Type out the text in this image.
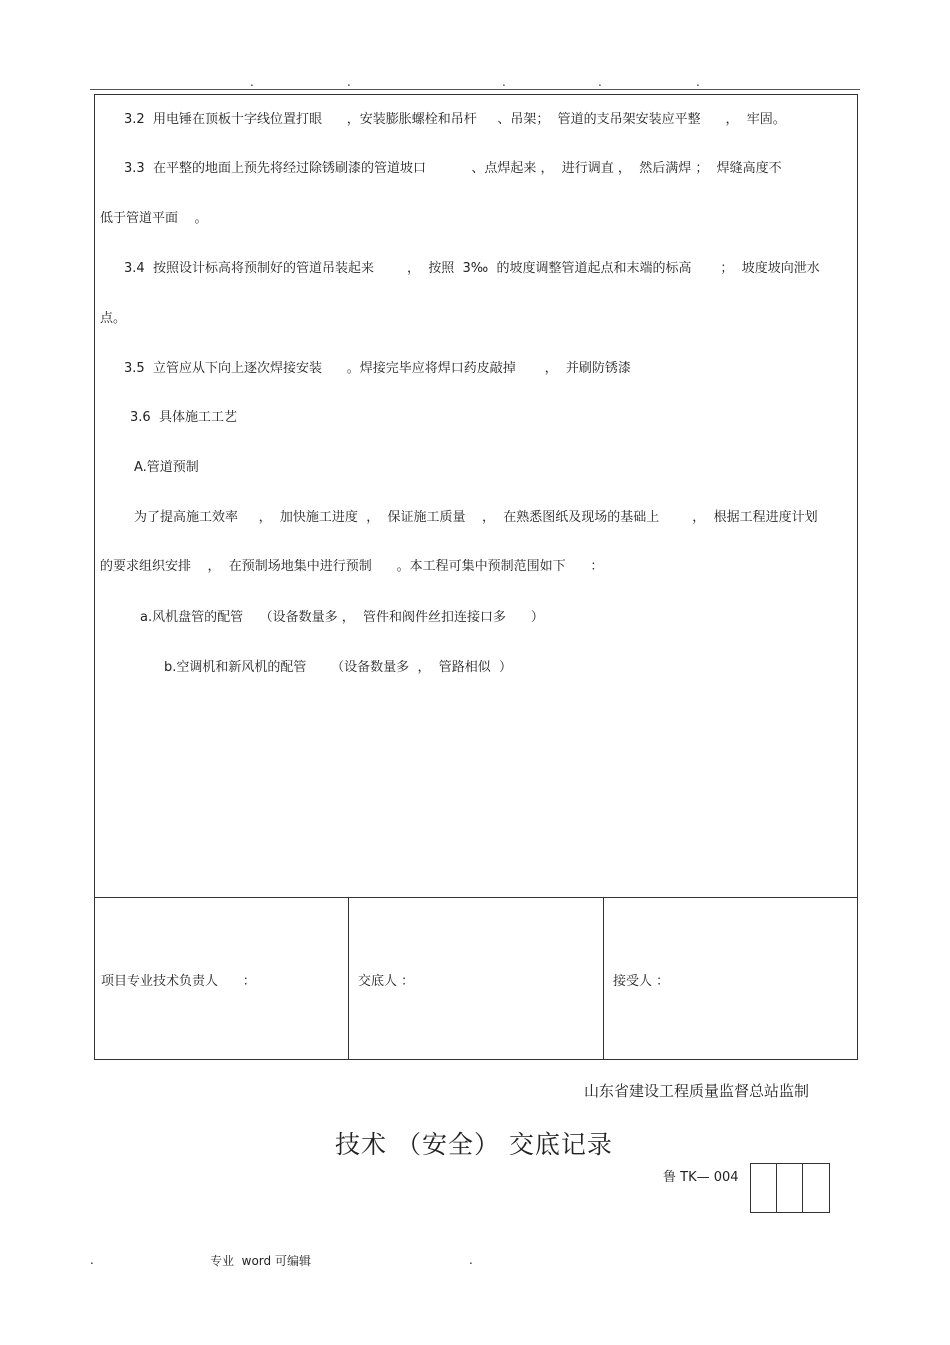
.	.	.	.	.
3.2  用电锤在顶板十字线位置打眼      ，安装膨胀螺栓和吊杆     、吊架；  管道的支吊架安装应平整      ，  牢固。
3.3  在平整的地面上预先将经过除锈刷漆的管道坡口           、点焊起来 ，  进行调直 ，  然后满焊 ；  焊缝高度不
低于管道平面    。
3.4  按照设计标高将预制好的管道吊装起来        ，  按照  3‰  的坡度调整管道起点和末端的标高       ；  坡度坡向泄水
点。
3.5  立管应从下向上逐次焊接安装      。焊接完毕应将焊口药皮敲掉       ，  并刷防锈漆
3.6  具体施工工艺
A.管道预制
为了提高施工效率     ，  加快施工进度  ，  保证施工质量    ，  在熟悉图纸及现场的基础上        ，  根据工程进度计划
的要求组织安排    ，  在预制场地集中进行预制      。本工程可集中预制范围如下      ：
a.风机盘管的配管    （设备数量多 ，  管件和阀件丝扣连接口多      ）
b.空调机和新风机的配管      （设备数量多  ，  管路相似  ）
项目专业技术负责人      ：	交底人 ：	接受人 ：
山东省建设工程质量监督总站监制
技术 （安全） 交底记录
鲁 TK— 004
.	专业  word 可编辑	.
